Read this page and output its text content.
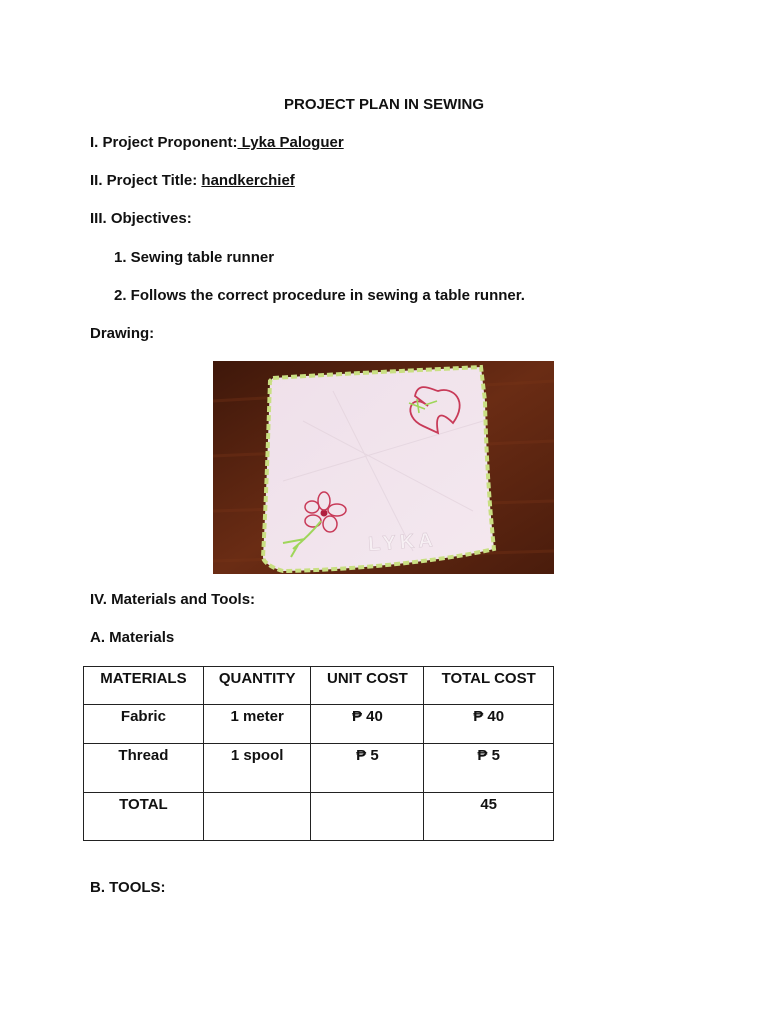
PROJECT PLAN IN SEWING
I. Project Proponent: Lyka Paloguer
II. Project Title: handkerchief
III. Objectives:
1. Sewing table runner
2. Follows the correct procedure in sewing a table runner.
Drawing:
LYKA
IV. Materials and Tools:
A. Materials
MATERIALS	QUANTITY	UNIT COST	TOTAL COST
Fabric	1 meter	₱ 40	₱ 40
Thread	1 spool	₱ 5	₱ 5
TOTAL			45
B. TOOLS:
